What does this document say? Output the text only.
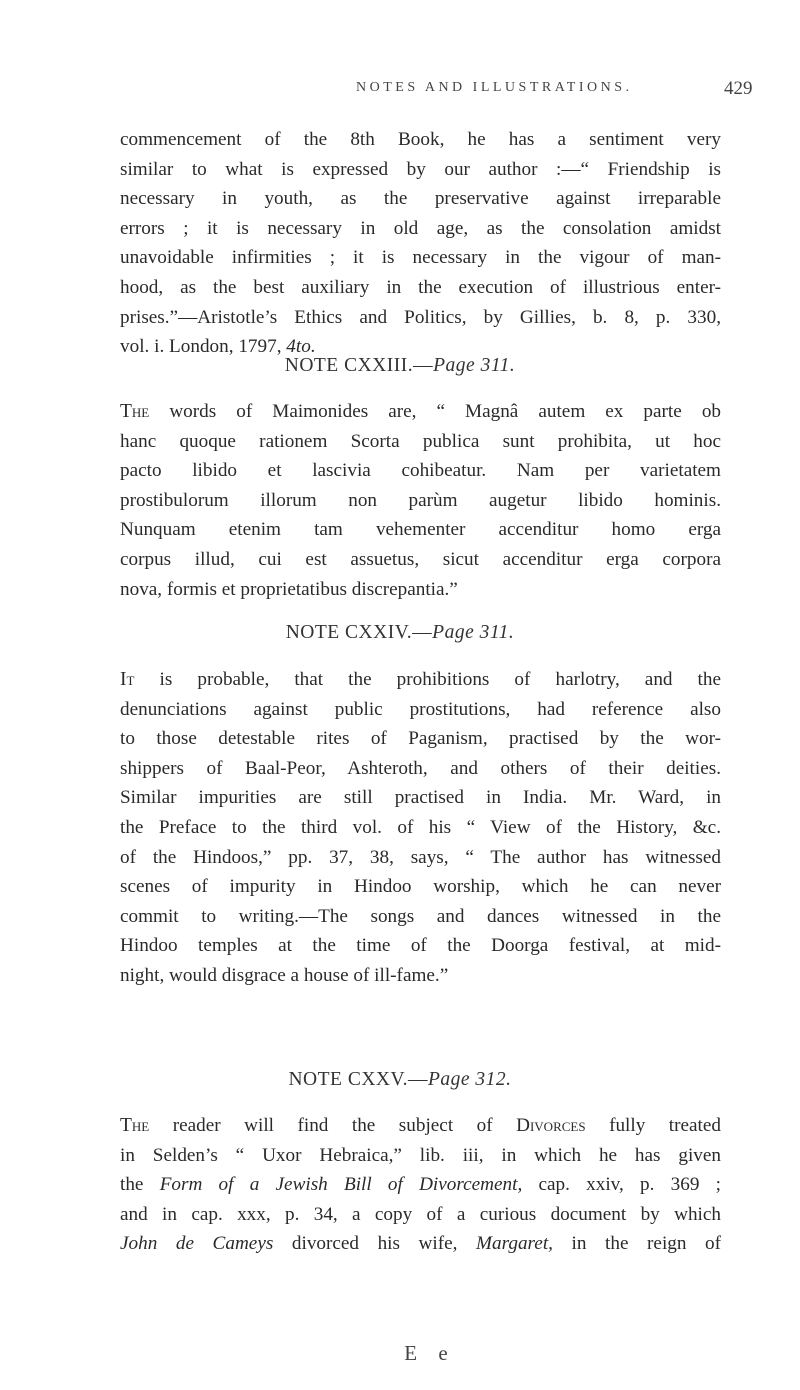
NOTES AND ILLUSTRATIONS.	429
commencement of the 8th Book, he has a sentiment very
similar to what is expressed by our author :—“ Friendship is
necessary in youth, as the preservative against irreparable
errors ; it is necessary in old age, as the consolation amidst
unavoidable infirmities ; it is necessary in the vigour of man-
hood, as the best auxiliary in the execution of illustrious enter-
prises.”—Aristotle’s Ethics and Politics, by Gillies, b. 8, p. 330,
vol. i. London, 1797, 4to.
NOTE CXXIII.—Page 311.
The words of Maimonides are, “ Magnâ autem ex parte ob
hanc quoque rationem Scorta publica sunt prohibita, ut hoc
pacto libido et lascivia cohibeatur. Nam per varietatem
prostibulorum illorum non parùm augetur libido hominis.
Nunquam etenim tam vehementer accenditur homo erga
corpus illud, cui est assuetus, sicut accenditur erga corpora
nova, formis et proprietatibus discrepantia.”
NOTE CXXIV.—Page 311.
It is probable, that the prohibitions of harlotry, and the
denunciations against public prostitutions, had reference also
to those detestable rites of Paganism, practised by the wor-
shippers of Baal-Peor, Ashteroth, and others of their deities.
Similar impurities are still practised in India. Mr. Ward, in
the Preface to the third vol. of his “ View of the History, &c.
of the Hindoos,” pp. 37, 38, says, “ The author has witnessed
scenes of impurity in Hindoo worship, which he can never
commit to writing.—The songs and dances witnessed in the
Hindoo temples at the time of the Doorga festival, at mid-
night, would disgrace a house of ill-fame.”
NOTE CXXV.—Page 312.
The reader will find the subject of Divorces fully treated
in Selden’s “ Uxor Hebraica,” lib. iii, in which he has given
the Form of a Jewish Bill of Divorcement, cap. xxiv, p. 369 ;
and in cap. xxx, p. 34, a copy of a curious document by which
John de Cameys divorced his wife, Margaret, in the reign of
E e
